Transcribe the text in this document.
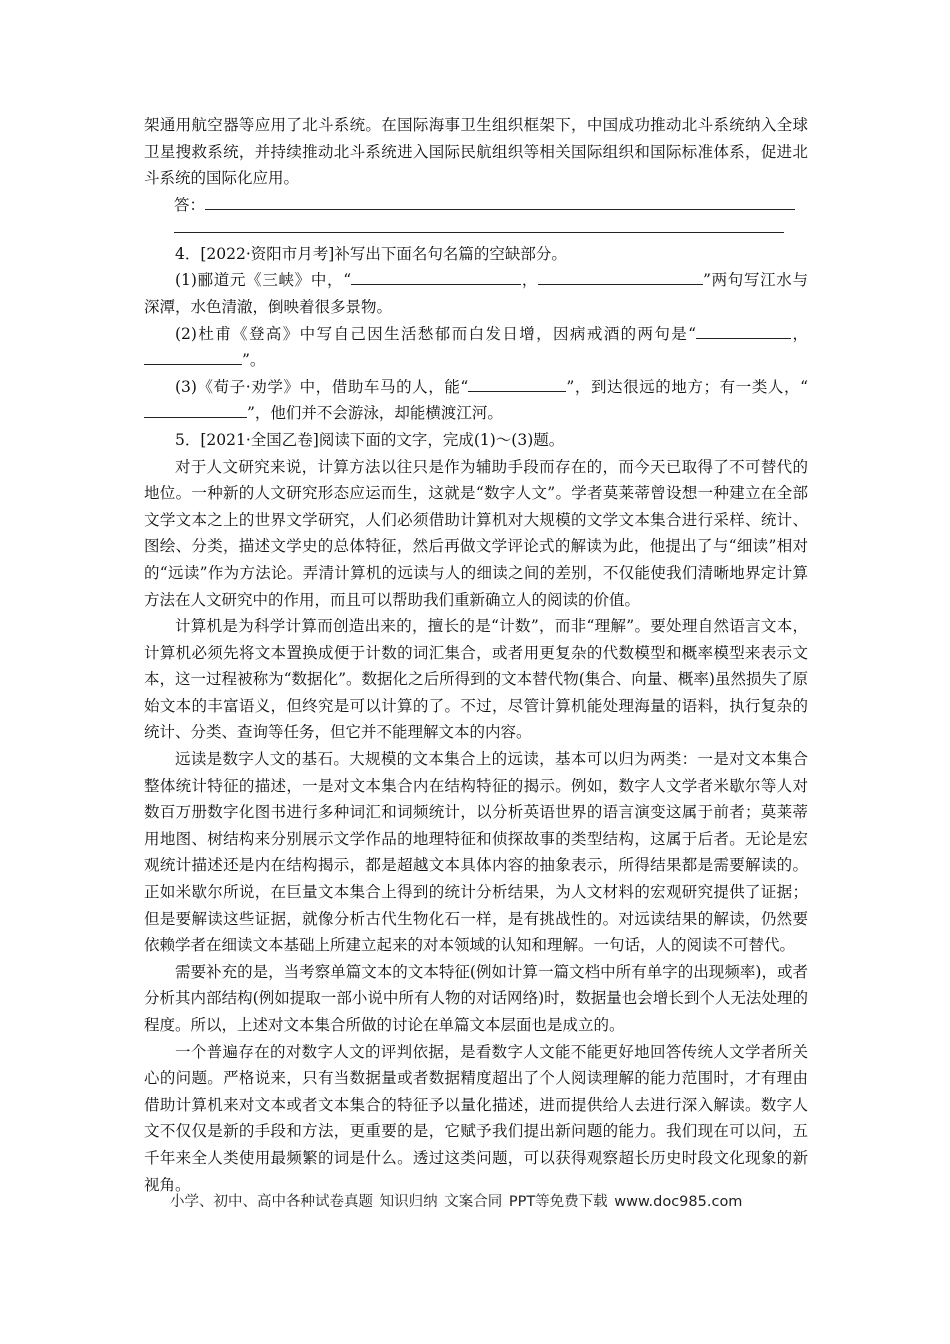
架通用航空器等应用了北斗系统。在国际海事卫生组织框架下，中国成功推动北斗系统纳入全球卫星搜救系统，并持续推动北斗系统进入国际民航组织等相关国际组织和国际标准体系，促进北斗系统的国际化应用。

答：

4．[2022·资阳市月考]补写出下面名句名篇的空缺部分。

(1)郦道元《三峡》中，“	，	”两句写江水与深潭，水色清澈，倒映着很多景物。

(2)杜甫《登高》中写自己因生活愁郁而白发日增，因病戒酒的两句是“	，”。

(3)《荀子·劝学》中，借助车马的人，能“	”，到达很远的地方；有一类人，“”，他们并不会游泳，却能横渡江河。

5．[2021·全国乙卷]阅读下面的文字，完成(1)～(3)题。

对于人文研究来说，计算方法以往只是作为辅助手段而存在的，而今天已取得了不可替代的地位。一种新的人文研究形态应运而生，这就是“数字人文”。学者莫莱蒂曾设想一种建立在全部文学文本之上的世界文学研究，人们必须借助计算机对大规模的文学文本集合进行采样、统计、图绘、分类，描述文学史的总体特征，然后再做文学评论式的解读为此，他提出了与“细读”相对的“远读”作为方法论。弄清计算机的远读与人的细读之间的差别，不仅能使我们清晰地界定计算方法在人文研究中的作用，而且可以帮助我们重新确立人的阅读的价值。

计算机是为科学计算而创造出来的，擅长的是“计数”，而非“理解”。要处理自然语言文本，计算机必须先将文本置换成便于计数的词汇集合，或者用更复杂的代数模型和概率模型来表示文本，这一过程被称为“数据化”。数据化之后所得到的文本替代物(集合、向量、概率)虽然损失了原始文本的丰富语义，但终究是可以计算的了。不过，尽管计算机能处理海量的语料，执行复杂的统计、分类、查询等任务，但它并不能理解文本的内容。

远读是数字人文的基石。大规模的文本集合上的远读，基本可以归为两类：一是对文本集合整体统计特征的描述，一是对文本集合内在结构特征的揭示。例如，数字人文学者米歇尔等人对数百万册数字化图书进行多种词汇和词频统计，以分析英语世界的语言演变这属于前者；莫莱蒂用地图、树结构来分别展示文学作品的地理特征和侦探故事的类型结构，这属于后者。无论是宏观统计描述还是内在结构揭示，都是超越文本具体内容的抽象表示，所得结果都是需要解读的。正如米歇尔所说，在巨量文本集合上得到的统计分析结果，为人文材料的宏观研究提供了证据；但是要解读这些证据，就像分析古代生物化石一样，是有挑战性的。对远读结果的解读，仍然要依赖学者在细读文本基础上所建立起来的对本领域的认知和理解。一句话，人的阅读不可替代。

需要补充的是，当考察单篇文本的文本特征(例如计算一篇文档中所有单字的出现频率)，或者分析其内部结构(例如提取一部小说中所有人物的对话网络)时，数据量也会增长到个人无法处理的程度。所以，上述对文本集合所做的讨论在单篇文本层面也是成立的。

一个普遍存在的对数字人文的评判依据，是看数字人文能不能更好地回答传统人文学者所关心的问题。严格说来，只有当数据量或者数据精度超出了个人阅读理解的能力范围时，才有理由借助计算机来对文本或者文本集合的特征予以量化描述，进而提供给人去进行深入解读。数字人文不仅仅是新的手段和方法，更重要的是，它赋予我们提出新问题的能力。我们现在可以问，五千年来全人类使用最频繁的词是什么。透过这类问题，可以获得观察超长历史时段文化现象的新视角。

小学、初中、高中各种试卷真题 知识归纳 文案合同 PPT等免费下载 www.doc985.com
